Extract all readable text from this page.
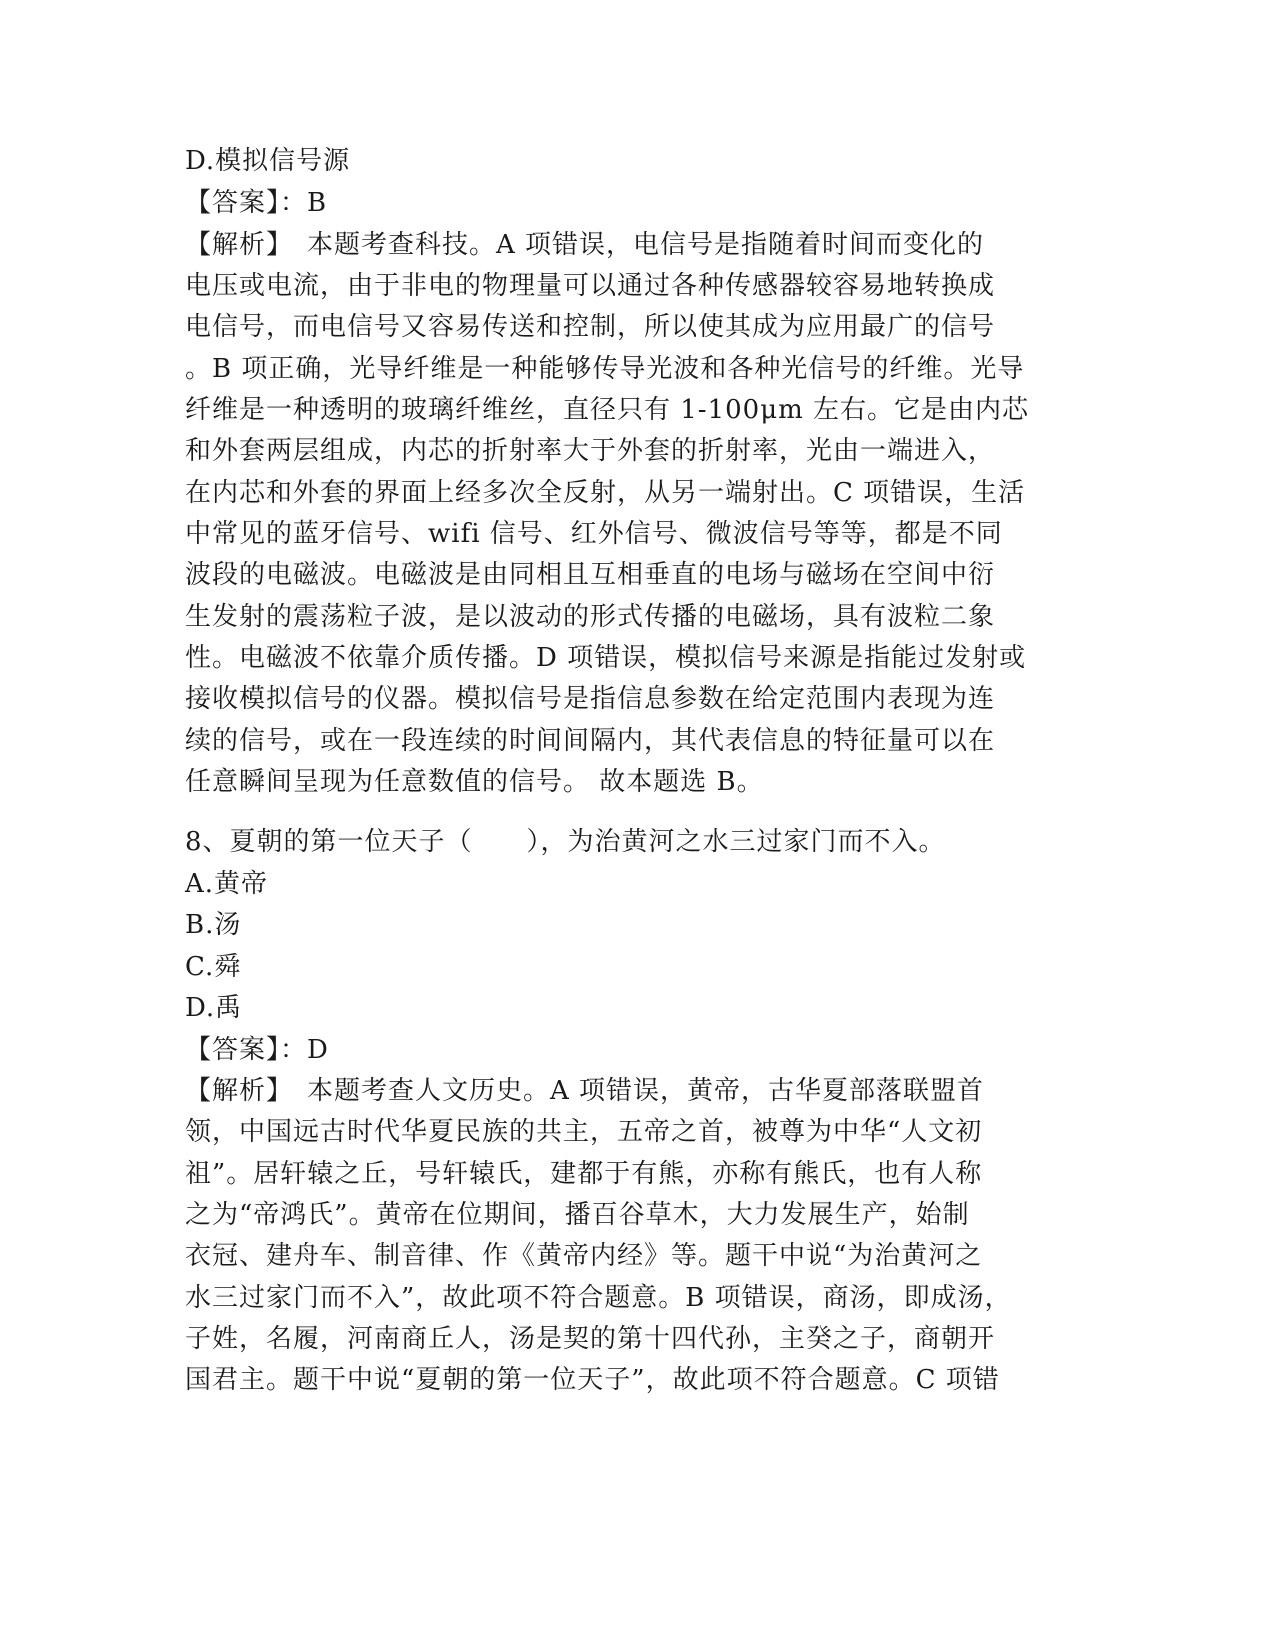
D.模拟信号源
【答案】：B
【解析】　本题考查科技。A 项错误，电信号是指随着时间而变化的
电压或电流，由于非电的物理量可以通过各种传感器较容易地转换成
电信号，而电信号又容易传送和控制，所以使其成为应用最广的信号
。B 项正确，光导纤维是一种能够传导光波和各种光信号的纤维。光导
纤维是一种透明的玻璃纤维丝，直径只有 1-100μm 左右。它是由内芯
和外套两层组成，内芯的折射率大于外套的折射率，光由一端进入，
在内芯和外套的界面上经多次全反射，从另一端射出。C 项错误，生活
中常见的蓝牙信号、wifi 信号、红外信号、微波信号等等，都是不同
波段的电磁波。电磁波是由同相且互相垂直的电场与磁场在空间中衍
生发射的震荡粒子波，是以波动的形式传播的电磁场，具有波粒二象
性。电磁波不依靠介质传播。D 项错误，模拟信号来源是指能过发射或
接收模拟信号的仪器。模拟信号是指信息参数在给定范围内表现为连
续的信号，或在一段连续的时间间隔内，其代表信息的特征量可以在
任意瞬间呈现为任意数值的信号。 故本题选 B。
8、夏朝的第一位天子（　　），为治黄河之水三过家门而不入。
A.黄帝
B.汤
C.舜
D.禹
【答案】：D
【解析】　本题考查人文历史。A 项错误，黄帝，古华夏部落联盟首
领，中国远古时代华夏民族的共主，五帝之首，被尊为中华“人文初
祖”。居轩辕之丘，号轩辕氏，建都于有熊，亦称有熊氏，也有人称
之为“帝鸿氏”。黄帝在位期间，播百谷草木，大力发展生产，始制
衣冠、建舟车、制音律、作《黄帝内经》等。题干中说“为治黄河之
水三过家门而不入”，故此项不符合题意。B 项错误，商汤，即成汤，
子姓，名履，河南商丘人，汤是契的第十四代孙，主癸之子，商朝开
国君主。题干中说“夏朝的第一位天子”，故此项不符合题意。C 项错
